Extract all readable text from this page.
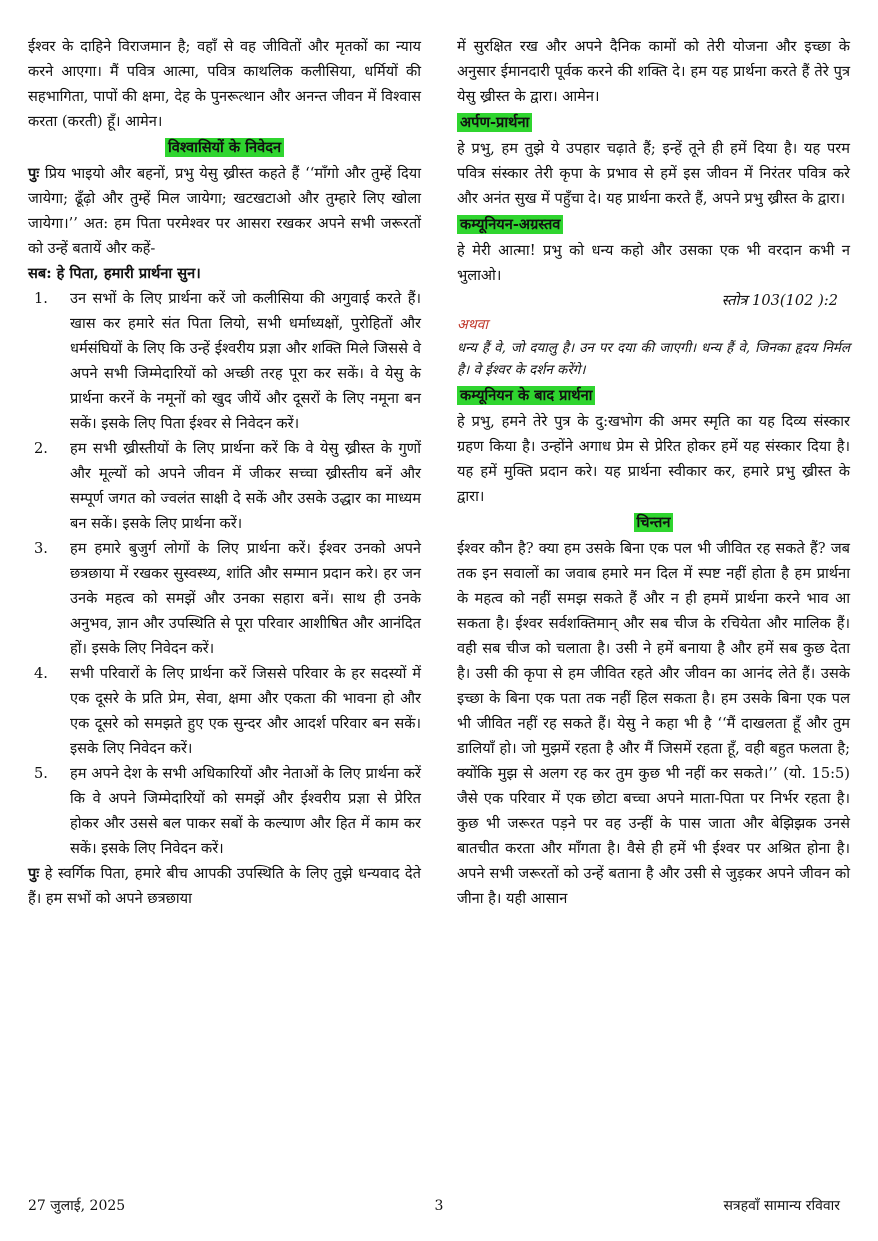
ईश्वर के दाहिने विराजमान है; वहाँ से वह जीवितों और मृतकों का न्याय करने आएगा। मैं पवित्र आत्मा, पवित्र काथलिक कलीसिया, धर्मियों की सहभागिता, पापों की क्षमा, देह के पुनरूत्थान और अनन्त जीवन में विश्वास करता (करती) हूँ। आमेन।

विश्वासियों के निवेदन

पुः प्रिय भाइयो और बहनों, प्रभु येसु ख्रीस्त कहते हैं ‘‘माँगो और तुम्हें दिया जायेगा; ढूँढ़ो और तुम्हें मिल जायेगा; खटखटाओ और तुम्हारे लिए खोला जायेगा।’’ अत: हम पिता परमेश्वर पर आसरा रखकर अपने सभी जरूरतों को उन्हें बतायें और कहें-

सब: हे पिता, हमारी प्रार्थना सुन।

1. उन सभों के लिए प्रार्थना करें जो कलीसिया की अगुवाई करते हैं। खास कर हमारे संत पिता लियो, सभी धर्माध्यक्षों, पुरोहितों और धर्मसंघियों के लिए कि उन्हें ईश्वरीय प्रज्ञा और शक्ति मिले जिससे वे अपने सभी जिम्मेदारियों को अच्छी तरह पूरा कर सकें। वे येसु के प्रार्थना करनें के नमूनों को खुद जीयें और दूसरों के लिए नमूना बन सकें। इसके लिए पिता ईश्वर से निवेदन करें।
2. हम सभी ख्रीस्तीयों के लिए प्रार्थना करें कि वे येसु ख्रीस्त के गुणों और मूल्यों को अपने जीवन में जीकर सच्चा ख्रीस्तीय बनें और सम्पूर्ण जगत को ज्वलंत साक्षी दे सकें और उसके उद्धार का माध्यम बन सकें। इसके लिए प्रार्थना करें।
3. हम हमारे बुजुर्ग लोगों के लिए प्रार्थना करें। ईश्वर उनको अपने छत्रछाया में रखकर सुस्वस्थ्य, शांति और सम्मान प्रदान करे। हर जन उनके महत्व को समझें और उनका सहारा बनें। साथ ही उनके अनुभव, ज्ञान और उपस्थिति से पूरा परिवार आशीषित और आनंदित हों। इसके लिए निवेदन करें।
4. सभी परिवारों के लिए प्रार्थना करें जिससे परिवार के हर सदस्यों में एक दूसरे के प्रति प्रेम, सेवा, क्षमा और एकता की भावना हो और एक दूसरे को समझते हुए एक सुन्दर और आदर्श परिवार बन सकें। इसके लिए निवेदन करें।
5. हम अपने देश के सभी अधिकारियों और नेताओं के लिए प्रार्थना करें कि वे अपने जिम्मेदारियों को समझें और ईश्वरीय प्रज्ञा से प्रेरित होकर और उससे बल पाकर सबों के कल्याण और हित में काम कर सकें। इसके लिए निवेदन करें।

पुः हे स्वर्गिक पिता, हमारे बीच आपकी उपस्थिति के लिए तुझे धन्यवाद देते हैं। हम सभों को अपने छत्रछाया

में सुरक्षित रख और अपने दैनिक कामों को तेरी योजना और इच्छा के अनुसार ईमानदारी पूर्वक करने की शक्ति दे। हम यह प्रार्थना करते हैं तेरे पुत्र येसु ख्रीस्त के द्वारा। आमेन।

अर्पण-प्रार्थना

हे प्रभु, हम तुझे ये उपहार चढ़ाते हैं; इन्हें तूने ही हमें दिया है। यह परम पवित्र संस्कार तेरी कृपा के प्रभाव से हमें इस जीवन में निरंतर पवित्र करे और अनंत सुख में पहुँचा दे। यह प्रार्थना करते हैं, अपने प्रभु ख्रीस्त के द्वारा।

कम्यूनियन-अग्रस्तव

हे मेरी आत्मा! प्रभु को धन्य कहो और उसका एक भी वरदान कभी न भुलाओ।

स्तोत्र 103(102 ):2

अथवा

धन्य हैं वे, जो दयालु है। उन पर दया की जाएगी। धन्य हैं वे, जिनका हृदय निर्मल है। वे ईश्वर के दर्शन करेंगे।

कम्यूनियन के बाद प्रार्थना

हे प्रभु, हमने तेरे पुत्र के दु:खभोग की अमर स्मृति का यह दिव्य संस्कार ग्रहण किया है। उन्होंने अगाध प्रेम से प्रेरित होकर हमें यह संस्कार दिया है। यह हमें मुक्ति प्रदान करे। यह प्रार्थना स्वीकार कर, हमारे प्रभु ख्रीस्त के द्वारा।

चिन्तन

ईश्वर कौन है? क्या हम उसके बिना एक पल भी जीवित रह सकते हैं? जब तक इन सवालों का जवाब हमारे मन दिल में स्पष्ट नहीं होता है हम प्रार्थना के महत्व को नहीं समझ सकते हैं और न ही हममें प्रार्थना करने भाव आ सकता है। ईश्वर सर्वशक्तिमान् और सब चीज के रचियेता और मालिक हैं। वही सब चीज को चलाता है। उसी ने हमें बनाया है और हमें सब कुछ देता है। उसी की कृपा से हम जीवित रहते और जीवन का आनंद लेते हैं। उसके इच्छा के बिना एक पता तक नहीं हिल सकता है। हम उसके बिना एक पल भी जीवित नहीं रह सकते हैं। येसु ने कहा भी है ‘‘मैं दाखलता हूँ और तुम डालियाँ हो। जो मुझमें रहता है और मैं जिसमें रहता हूँ, वही बहुत फलता है; क्योंकि मुझ से अलग रह कर तुम कुछ भी नहीं कर सकते।’’ (यो. 15:5) जैसे एक परिवार में एक छोटा बच्चा अपने माता-पिता पर निर्भर रहता है। कुछ भी जरूरत पड़ने पर वह उन्हीं के पास जाता और बेझिझक उनसे बातचीत करता और माँगता है। वैसे ही हमें भी ईश्वर पर अश्रित होना है। अपने सभी जरूरतों को उन्हें बताना है और उसी से जुड़कर अपने जीवन को जीना है। यही आसान

27 जुलाई, 2025	3	सत्रहवाँ सामान्य रविवार
